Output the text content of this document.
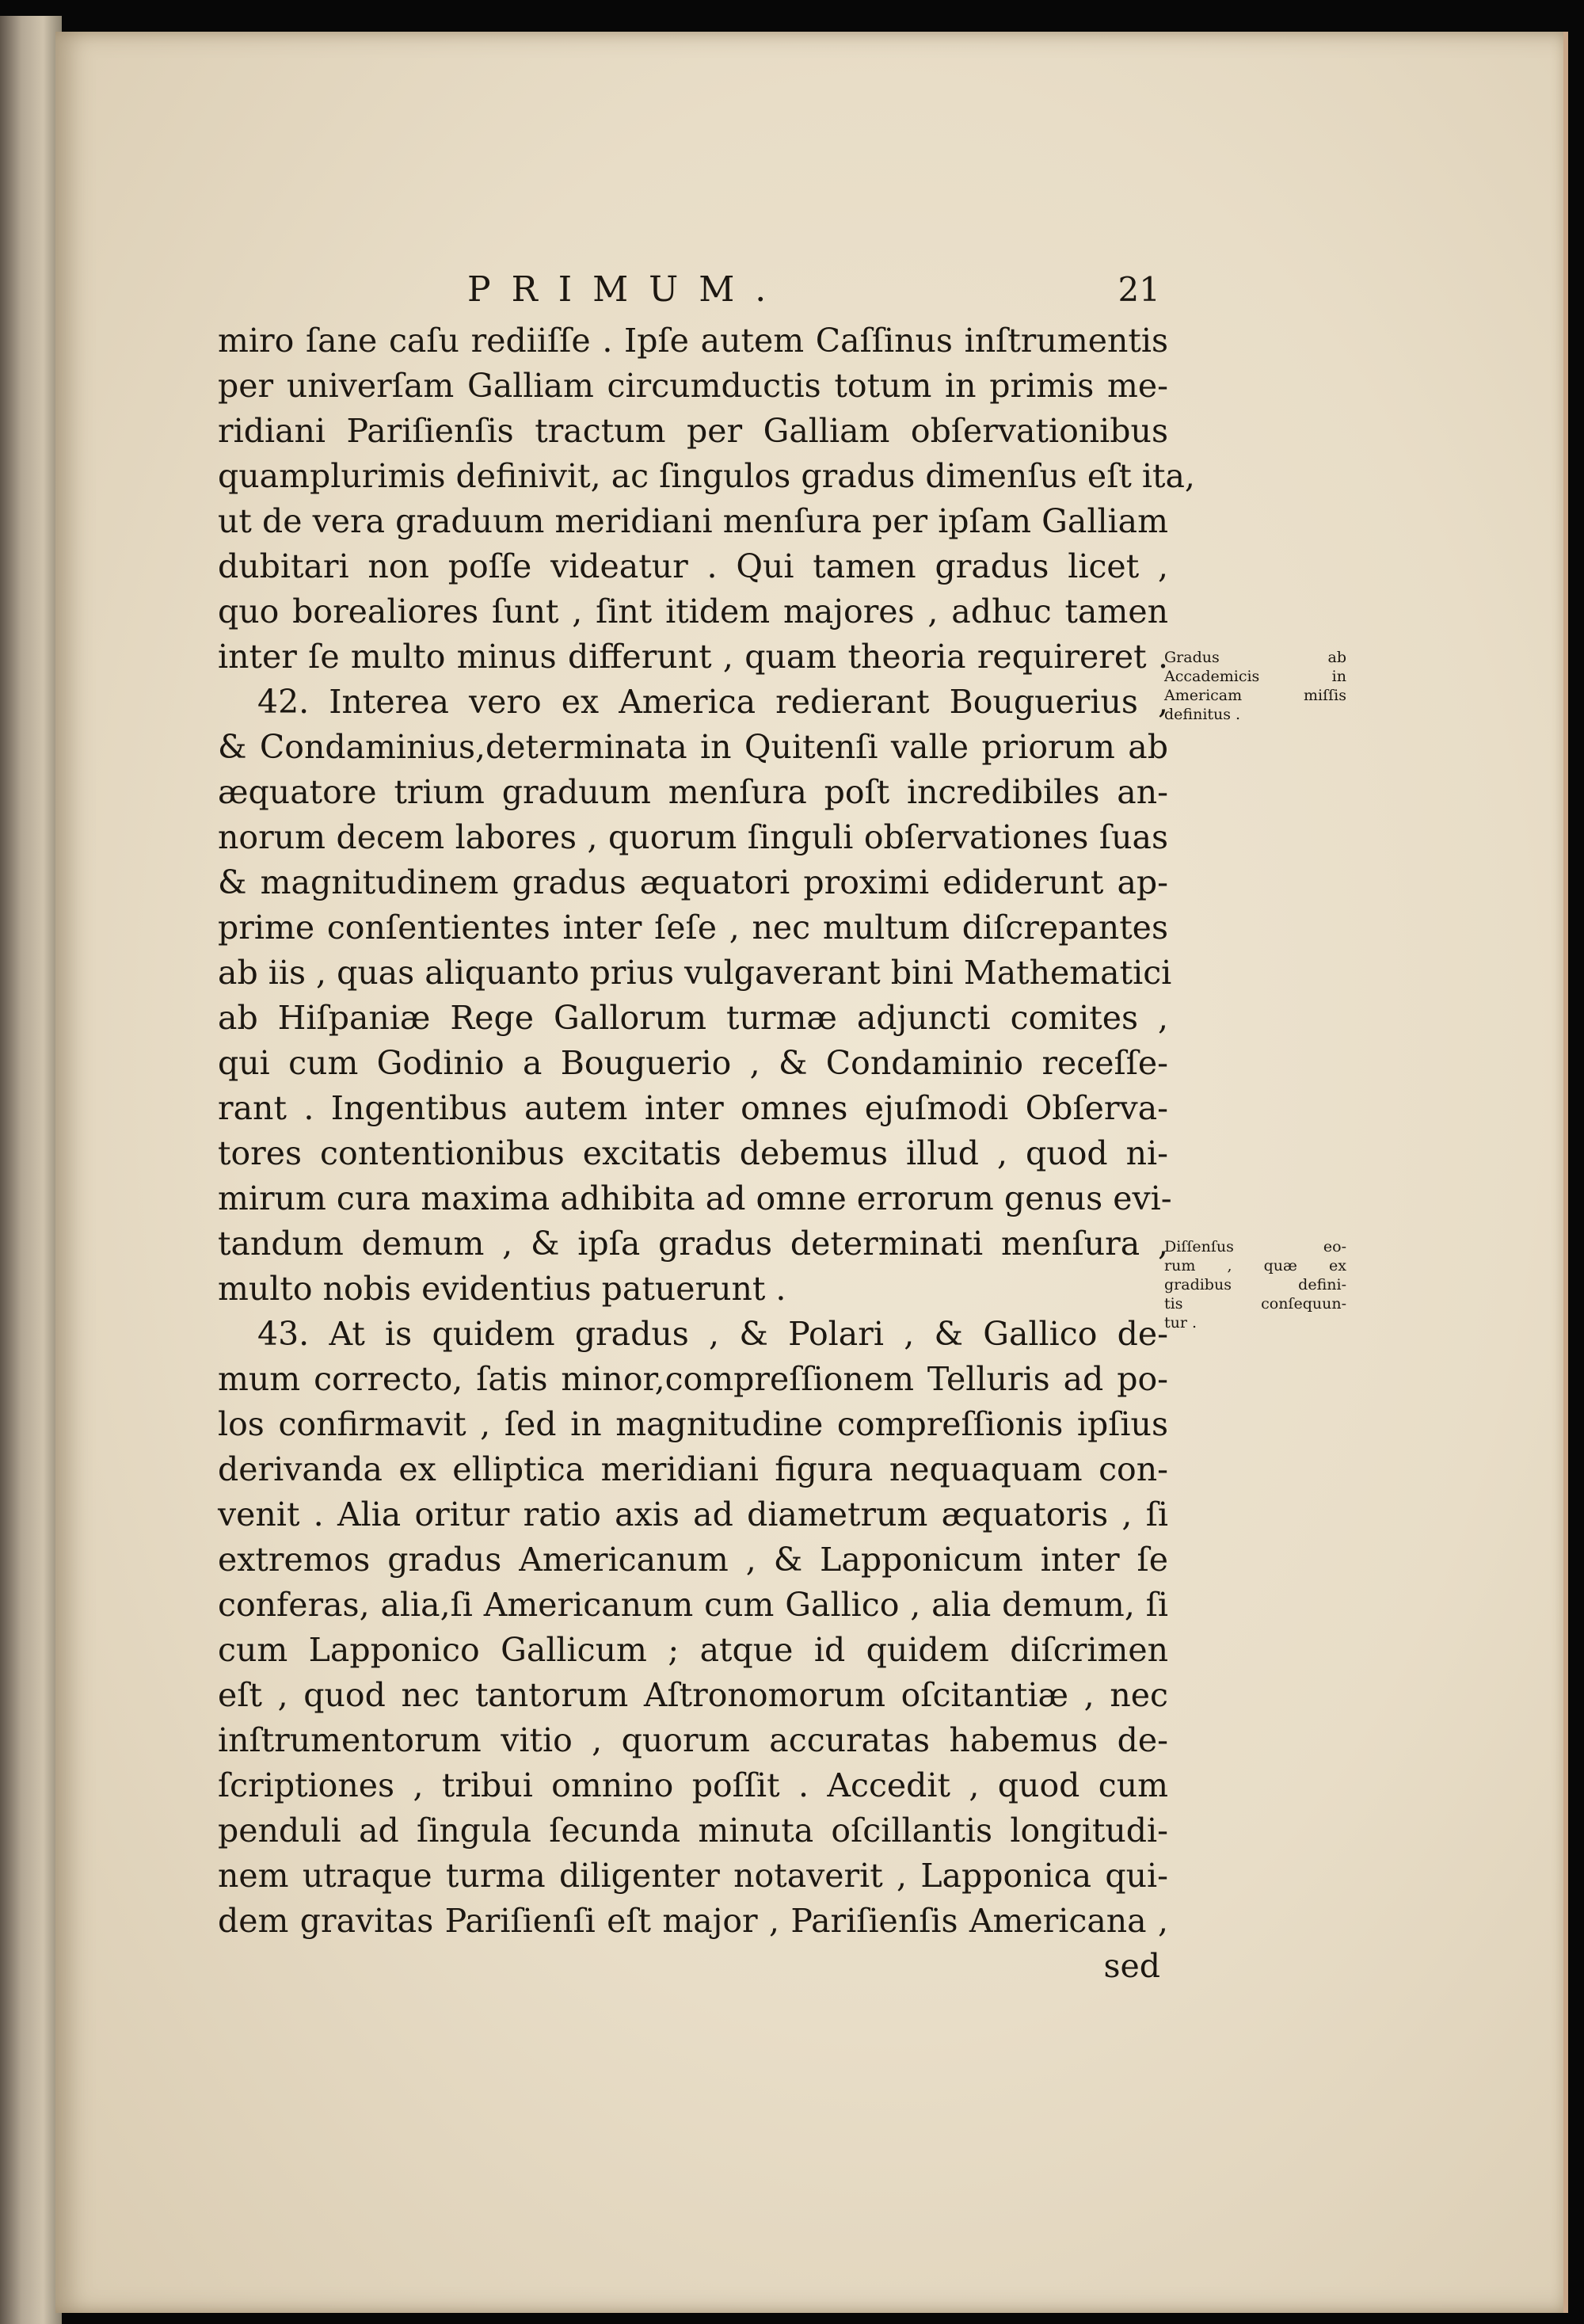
PRIMUM.	21
miro ſane caſu rediiſſe . Ipſe autem Caſſinus inſtrumentis
per univerſam Galliam circumductis totum in primis me-
ridiani Pariſienſis tractum per Galliam obſervationibus
quamplurimis definivit, ac ſingulos gradus dimenſus eſt ita,
ut de vera graduum meridiani menſura per ipſam Galliam
dubitari non poſſe videatur . Qui tamen gradus licet ,
quo borealiores ſunt , ſint itidem majores , adhuc tamen
inter ſe multo minus differunt , quam theoria requireret .
42. Interea vero ex America redierant Bouguerius ,
& Condaminius,determinata in Quitenſi valle priorum ab
æquatore trium graduum menſura poſt incredibiles an-
norum decem labores , quorum ſinguli obſervationes ſuas
& magnitudinem gradus æquatori proximi ediderunt ap-
prime conſentientes inter ſeſe , nec multum diſcrepantes
ab iis , quas aliquanto prius vulgaverant bini Mathematici
ab Hiſpaniæ Rege Gallorum turmæ adjuncti comites ,
qui cum Godinio a Bouguerio , & Condaminio receſſe-
rant . Ingentibus autem inter omnes ejuſmodi Obſerva-
tores contentionibus excitatis debemus illud , quod ni-
mirum cura maxima adhibita ad omne errorum genus evi-
tandum demum , & ipſa gradus determinati menſura ,
multo nobis evidentius patuerunt .
43. At is quidem gradus , & Polari , & Gallico de-
mum correcto, ſatis minor,compreſſionem Telluris ad po-
los confirmavit , ſed in magnitudine compreſſionis ipſius
derivanda ex elliptica meridiani figura nequaquam con-
venit . Alia oritur ratio axis ad diametrum æquatoris , ſi
extremos gradus Americanum , & Lapponicum inter ſe
conferas, alia,ſi Americanum cum Gallico , alia demum, ſi
cum Lapponico Gallicum ; atque id quidem diſcrimen
eſt , quod nec tantorum Aſtronomorum oſcitantiæ , nec
inſtrumentorum vitio , quorum accuratas habemus de-
ſcriptiones , tribui omnino poſſit . Accedit , quod cum
penduli ad ſingula ſecunda minuta oſcillantis longitudi-
nem utraque turma diligenter notaverit , Lapponica qui-
dem gravitas Pariſienſi eſt major , Pariſienſis Americana ,
sed
Gradus ab
Accademicis in
Americam miſſis
definitus .
Diſſenſus eo-
rum , quæ ex
gradibus defini-
tis conſequun-
tur .
